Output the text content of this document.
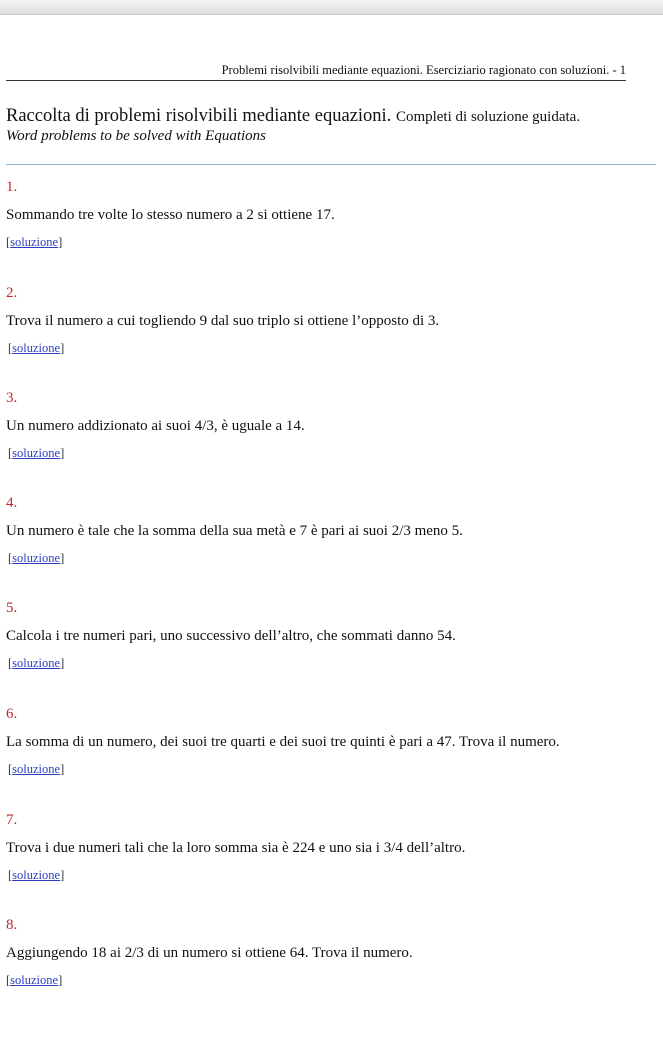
Problemi risolvibili mediante equazioni. Eserciziario ragionato con soluzioni. - 1
Raccolta di problemi risolvibili mediante equazioni. Completi di soluzione guidata.
Word problems to be solved with Equations
1.
Sommando tre volte lo stesso numero a 2 si ottiene 17.
[soluzione]
2.
Trova il numero a cui togliendo 9 dal suo triplo si ottiene l’opposto di 3.
[soluzione]
3.
Un numero addizionato ai suoi 4/3, è uguale a 14.
[soluzione]
4.
Un numero è tale che la somma della sua metà e 7 è pari ai suoi 2/3 meno 5.
[soluzione]
5.
Calcola i tre numeri pari, uno successivo dell’altro, che sommati danno 54.
[soluzione]
6.
La somma di un numero, dei suoi tre quarti e dei suoi tre quinti è pari a 47. Trova il numero.
[soluzione]
7.
Trova i due numeri tali che la loro somma sia è 224 e uno sia i 3/4 dell’altro.
[soluzione]
8.
Aggiungendo 18 ai 2/3 di un numero si ottiene 64. Trova il numero.
[soluzione]
